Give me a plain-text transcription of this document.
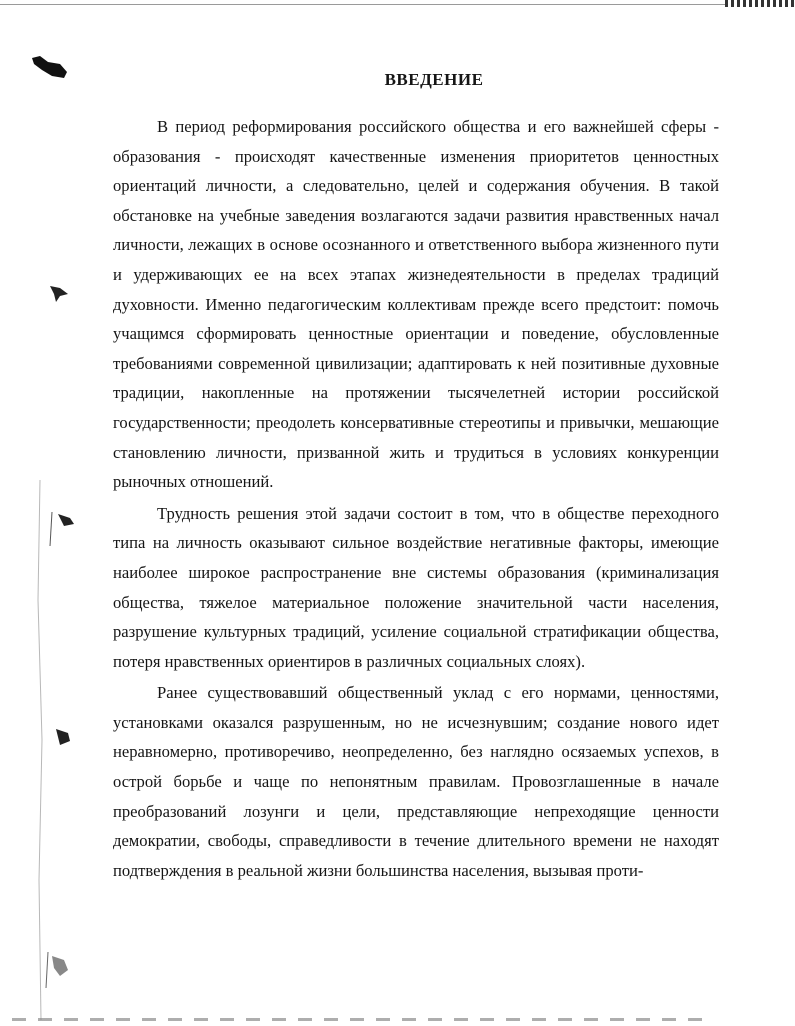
ВВЕДЕНИЕ

В период реформирования российского общества и его важнейшей сферы - образования - происходят качественные изменения приоритетов ценностных ориентаций личности, а следовательно, целей и содержания обучения. В такой обстановке на учебные заведения возлагаются задачи развития нравственных начал личности, лежащих в основе осознанного и ответственного выбора жизненного пути и удерживающих ее на всех этапах жизнедеятельности в пределах традиций духовности. Именно педагогическим коллективам прежде всего предстоит: помочь учащимся сформировать ценностные ориентации и поведение, обусловленные требованиями современной цивилизации; адаптировать к ней позитивные духовные традиции, накопленные на протяжении тысячелетней истории российской государственности; преодолеть консервативные стереотипы и привычки, мешающие становлению личности, призванной жить и трудиться в условиях конкуренции рыночных отношений.

Трудность решения этой задачи состоит в том, что в обществе переходного типа на личность оказывают сильное воздействие негативные факторы, имеющие наиболее широкое распространение вне системы образования (криминализация общества, тяжелое материальное положение значительной части населения, разрушение культурных традиций, усиление социальной стратификации общества, потеря нравственных ориентиров в различных социальных слоях).

Ранее существовавший общественный уклад с его нормами, ценностями, установками оказался разрушенным, но не исчезнувшим; создание нового идет неравномерно, противоречиво, неопределенно, без наглядно осязаемых успехов, в острой борьбе и чаще по непонятным правилам. Провозглашенные в начале преобразований лозунги и цели, представляющие непреходящие ценности демократии, свободы, справедливости в течение длительного времени не находят подтверждения в реальной жизни большинства населения, вызывая проти-
